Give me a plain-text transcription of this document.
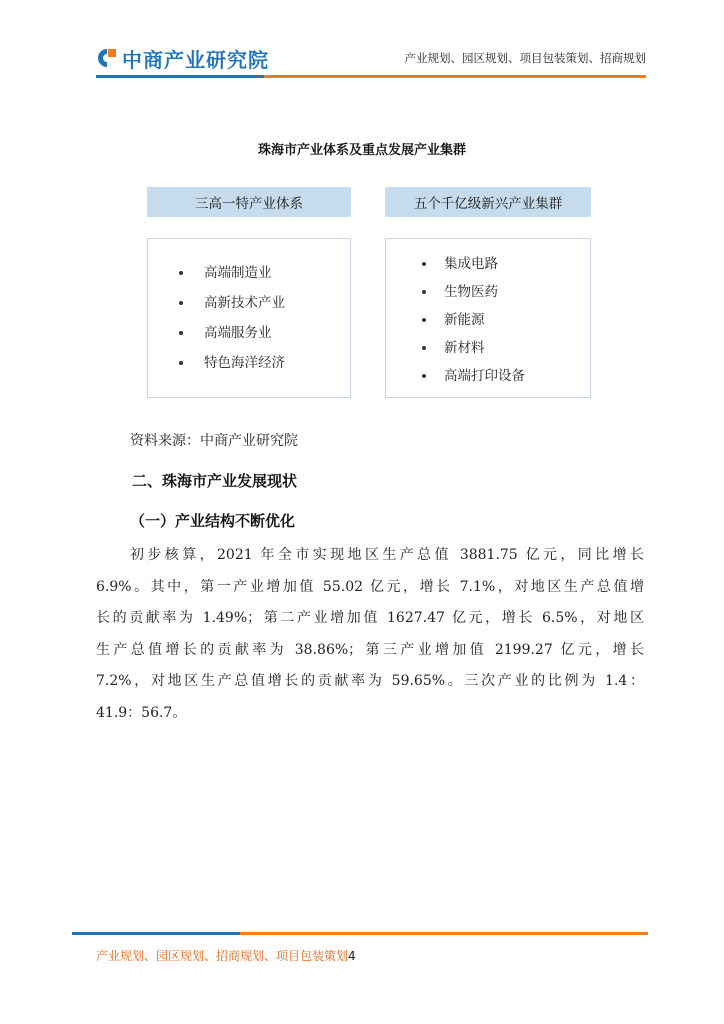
中商产业研究院	产业规划、园区规划、项目包装策划、招商规划
珠海市产业体系及重点发展产业集群
三高一特产业体系	五个千亿级新兴产业集群
高端制造业
高新技术产业
高端服务业
特色海洋经济
集成电路
生物医药
新能源
新材料
高端打印设备
资料来源：中商产业研究院
二、珠海市产业发展现状
（一）产业结构不断优化
初步核算，2021 年全市实现地区生产总值 3881.75 亿元，同比增长
6.9%。其中，第一产业增加值 55.02 亿元，增长 7.1%，对地区生产总值增
长的贡献率为 1.49%；第二产业增加值 1627.47 亿元，增长 6.5%，对地区
生产总值增长的贡献率为 38.86%；第三产业增加值 2199.27 亿元，增长
7.2%，对地区生产总值增长的贡献率为 59.65%。三次产业的比例为 1.4：
41.9：56.7。
产业规划、园区规划、招商规划、项目包装策划4
